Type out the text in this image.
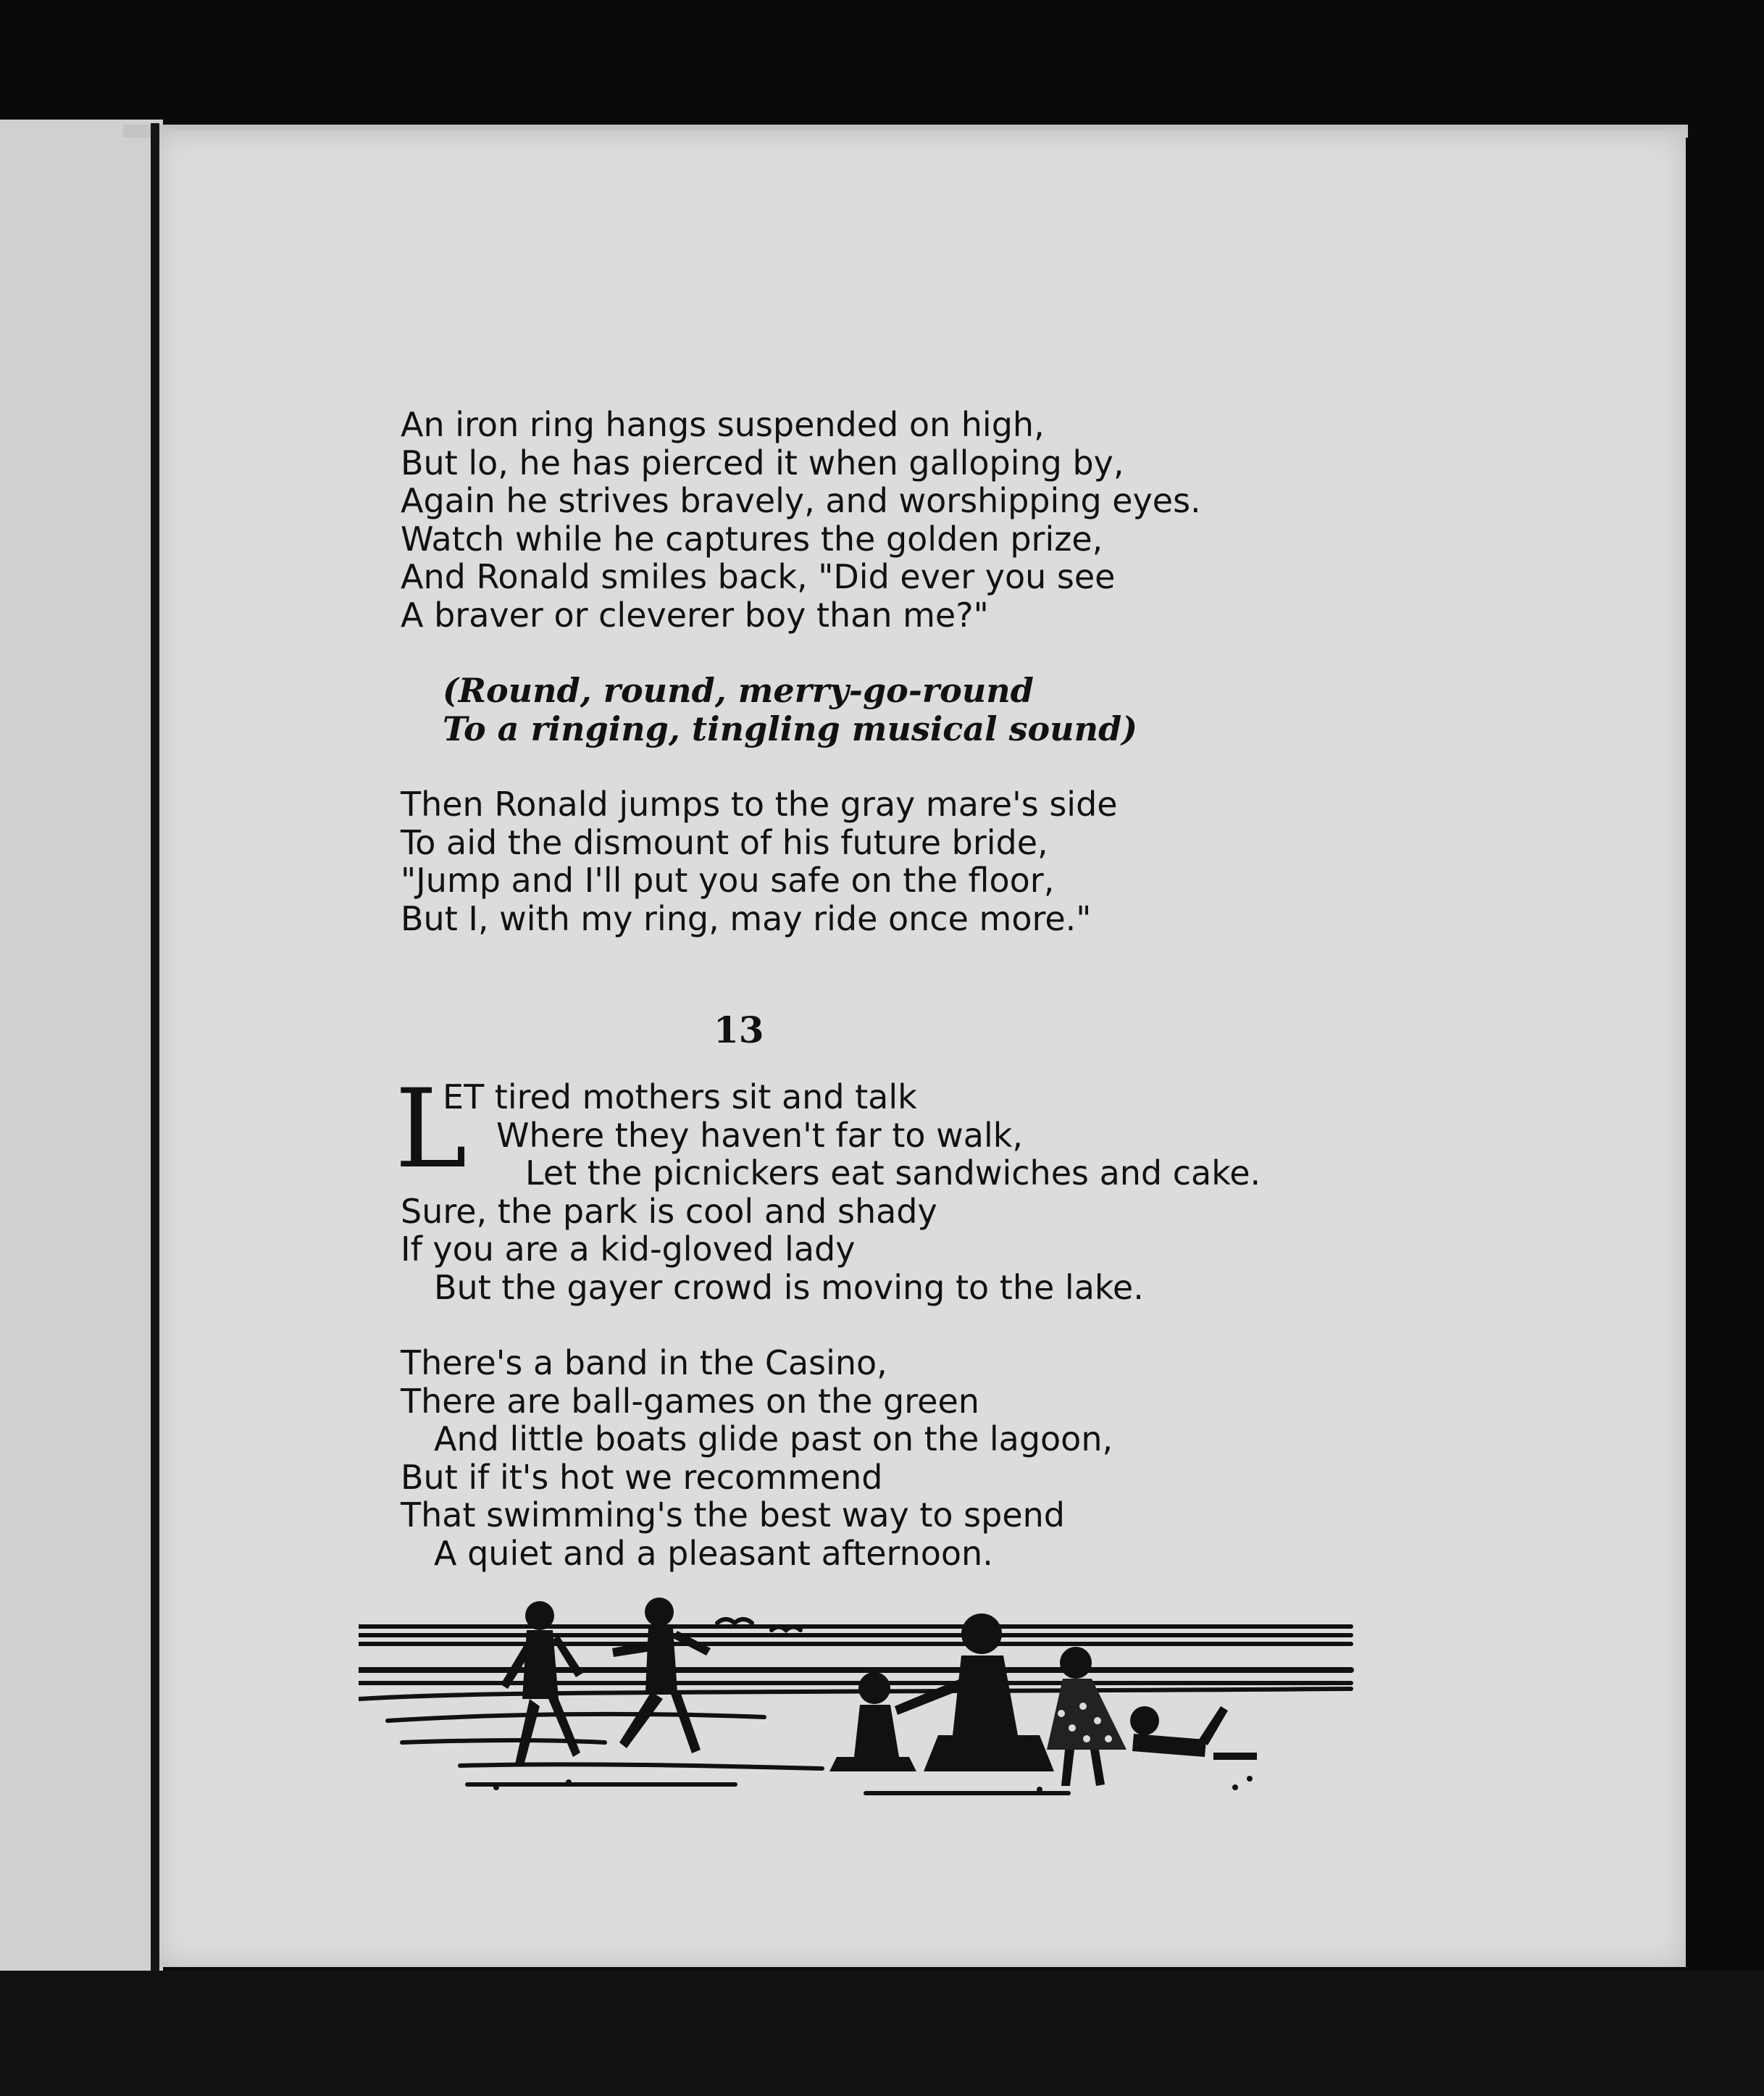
An iron ring hangs suspended on high,
But lo, he has pierced it when galloping by,
Again he strives bravely, and worshipping eyes.
Watch while he captures the golden prize,
And Ronald smiles back, "Did ever you see
A braver or cleverer boy than me?"
(Round, round, merry-go-round
To a ringing, tingling musical sound)
Then Ronald jumps to the gray mare's side
To aid the dismount of his future bride,
"Jump and I'll put you safe on the floor,
But I, with my ring, may ride once more."
13
L
ET tired mothers sit and talk
Where they haven't far to walk,
Let the picnickers eat sandwiches and cake.
Sure, the park is cool and shady
If you are a kid-gloved lady
But the gayer crowd is moving to the lake.
There's a band in the Casino,
There are ball-games on the green
And little boats glide past on the lagoon,
But if it's hot we recommend
That swimming's the best way to spend
A quiet and a pleasant afternoon.
